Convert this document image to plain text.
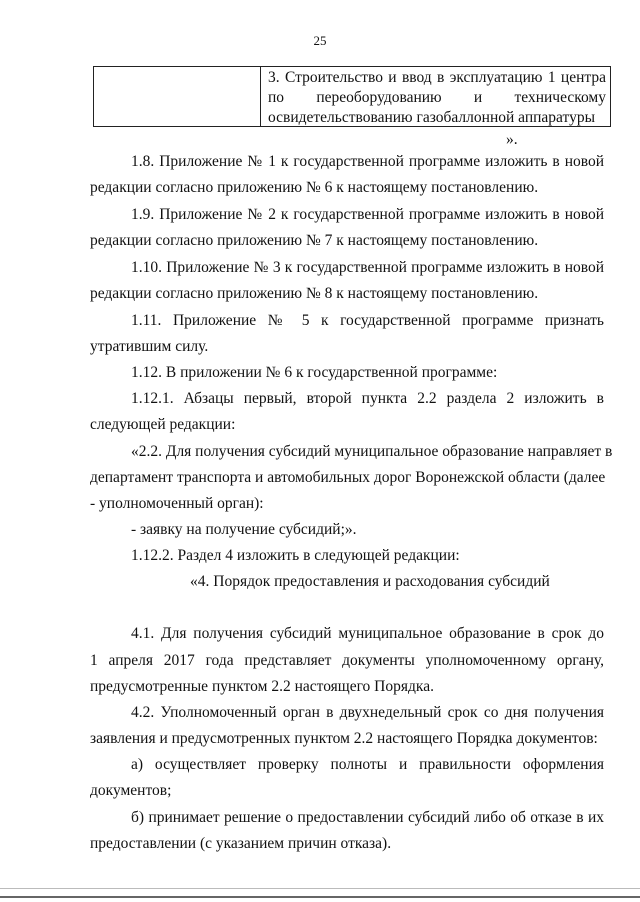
25
3. Строительство и ввод в эксплуатацию 1 центра
по переоборудованию и техническому
освидетельствованию газобаллонной аппаратуры
».
1.8. Приложение № 1 к государственной программе изложить в новой
редакции согласно приложению № 6 к настоящему постановлению.
1.9. Приложение № 2 к государственной программе изложить в новой
редакции согласно приложению № 7 к настоящему постановлению.
1.10. Приложение № 3 к государственной программе изложить в новой
редакции согласно приложению № 8 к настоящему постановлению.
1.11. Приложение № 5 к государственной программе признать
утратившим силу.
1.12. В приложении № 6 к государственной программе:
1.12.1. Абзацы первый, второй пункта 2.2 раздела 2 изложить в
следующей редакции:
«2.2. Для получения субсидий муниципальное образование направляет в
департамент транспорта и автомобильных дорог Воронежской области (далее
- уполномоченный орган):
- заявку на получение субсидий;».
1.12.2. Раздел 4 изложить в следующей редакции:
«4. Порядок предоставления и расходования субсидий
4.1. Для получения субсидий муниципальное образование в срок до
1 апреля 2017 года представляет документы уполномоченному органу,
предусмотренные пунктом 2.2 настоящего Порядка.
4.2. Уполномоченный орган в двухнедельный срок со дня получения
заявления и предусмотренных пунктом 2.2 настоящего Порядка документов:
а) осуществляет проверку полноты и правильности оформления
документов;
б) принимает решение о предоставлении субсидий либо об отказе в их
предоставлении (с указанием причин отказа).
